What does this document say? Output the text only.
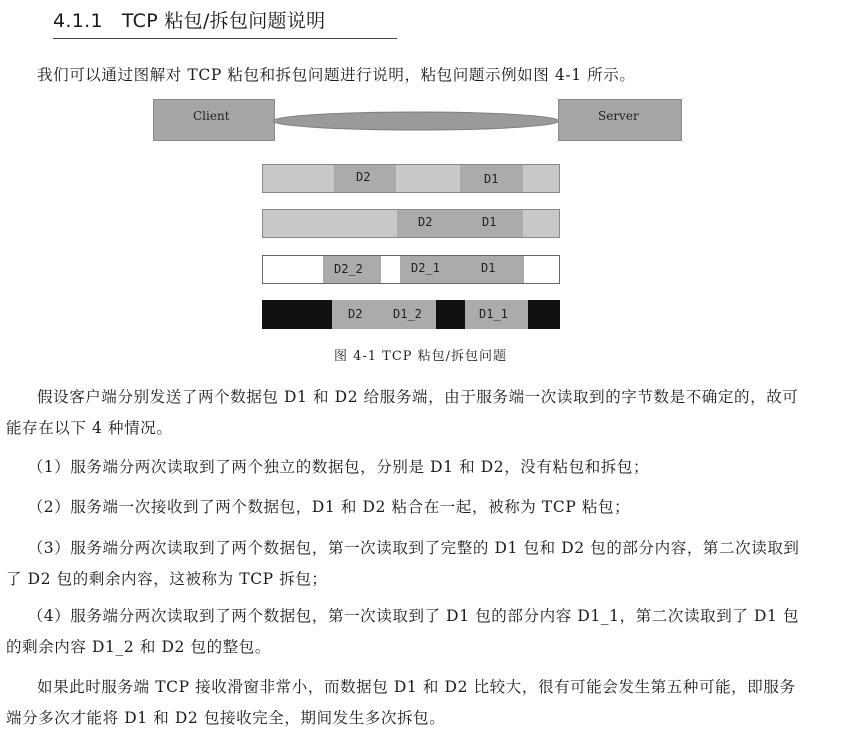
4.1.1 TCP 粘包/拆包问题说明
我们可以通过图解对 TCP 粘包和拆包问题进行说明，粘包问题示例如图 4-1 所示。
Client	Server
D2	D1
D2	D1
D2_2	D2_1	D1
D2	D1_2	D1_1
图 4-1 TCP 粘包/拆包问题
假设客户端分别发送了两个数据包 D1 和 D2 给服务端，由于服务端一次读取到的字节数是不确定的，故可能存在以下 4 种情况。
（1）服务端分两次读取到了两个独立的数据包，分别是 D1 和 D2，没有粘包和拆包；
（2）服务端一次接收到了两个数据包，D1 和 D2 粘合在一起，被称为 TCP 粘包；
（3）服务端分两次读取到了两个数据包，第一次读取到了完整的 D1 包和 D2 包的部分内容，第二次读取到了 D2 包的剩余内容，这被称为 TCP 拆包；
（4）服务端分两次读取到了两个数据包，第一次读取到了 D1 包的部分内容 D1_1，第二次读取到了 D1 包的剩余内容 D1_2 和 D2 包的整包。
如果此时服务端 TCP 接收滑窗非常小，而数据包 D1 和 D2 比较大，很有可能会发生第五种可能，即服务端分多次才能将 D1 和 D2 包接收完全，期间发生多次拆包。
